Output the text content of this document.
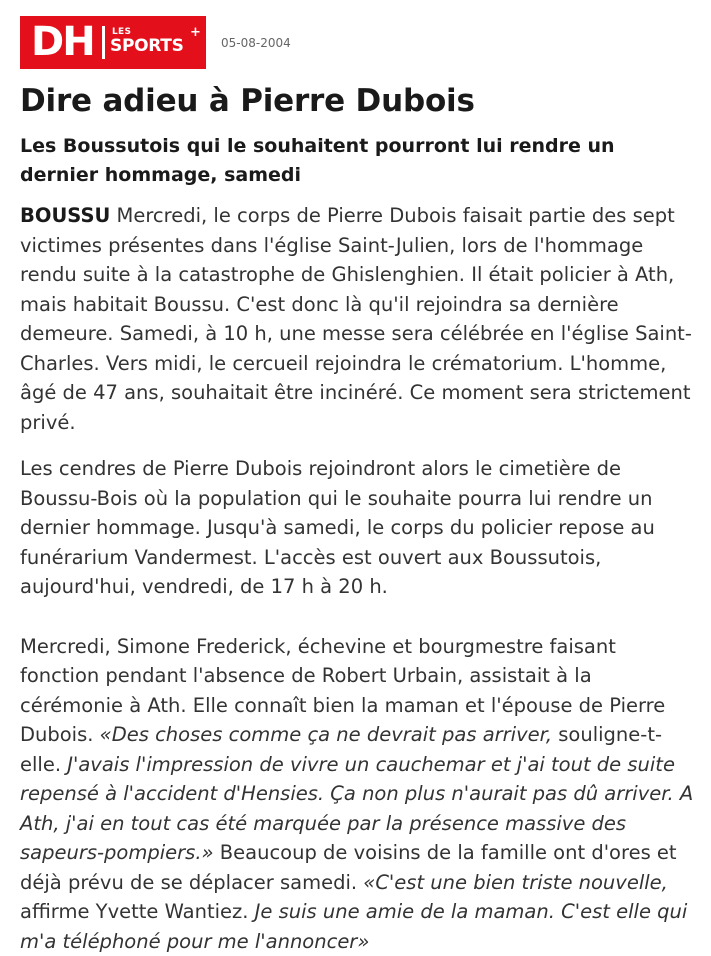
DH LES
SPORTS
+
05-08-2004
Dire adieu à Pierre Dubois
Les Boussutois qui le souhaitent pourront lui rendre un dernier hommage, samedi

BOUSSU Mercredi, le corps de Pierre Dubois faisait partie des sept victimes présentes dans l'église Saint-Julien, lors de l'hommage rendu suite à la catastrophe de Ghislenghien. Il était policier à Ath, mais habitait Boussu. C'est donc là qu'il rejoindra sa dernière demeure. Samedi, à 10 h, une messe sera célébrée en l'église Saint-Charles. Vers midi, le cercueil rejoindra le crématorium. L'homme, âgé de 47 ans, souhaitait être incinéré. Ce moment sera strictement privé.

Les cendres de Pierre Dubois rejoindront alors le cimetière de Boussu-Bois où la population qui le souhaite pourra lui rendre un dernier hommage. Jusqu'à samedi, le corps du policier repose au funérarium Vandermest. L'accès est ouvert aux Boussutois, aujourd'hui, vendredi, de 17 h à 20 h.

Mercredi, Simone Frederick, échevine et bourgmestre faisant fonction pendant l'absence de Robert Urbain, assistait à la cérémonie à Ath. Elle connaît bien la maman et l'épouse de Pierre Dubois. «Des choses comme ça ne devrait pas arriver, souligne-t-elle. J'avais l'impression de vivre un cauchemar et j'ai tout de suite repensé à l'accident d'Hensies. Ça non plus n'aurait pas dû arriver. A Ath, j'ai en tout cas été marquée par la présence massive des sapeurs-pompiers.» Beaucoup de voisins de la famille ont d'ores et déjà prévu de se déplacer samedi. «C'est une bien triste nouvelle, affirme Yvette Wantiez. Je suis une amie de la maman. C'est elle qui m'a téléphoné pour me l'annoncer»
